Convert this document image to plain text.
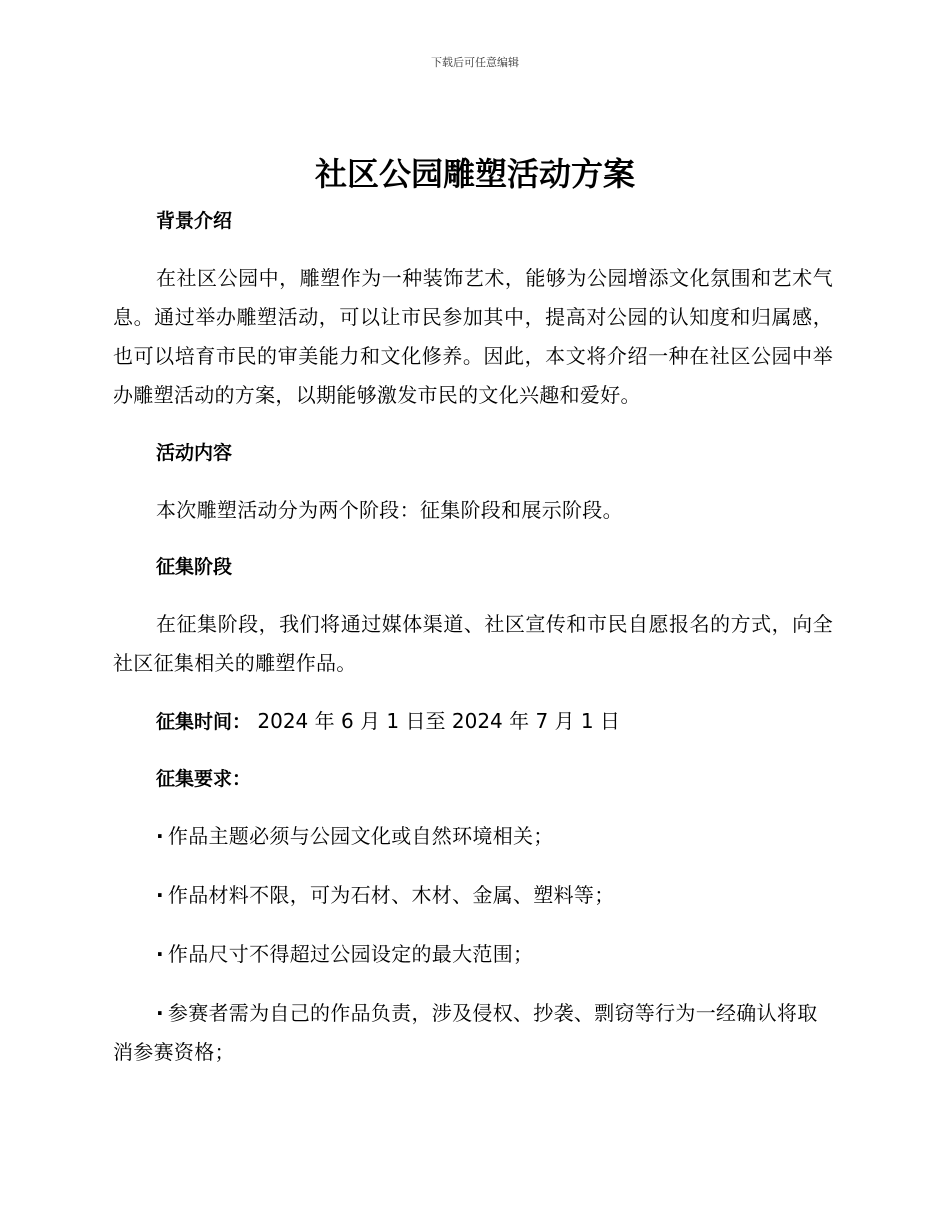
下载后可任意编辑
社区公园雕塑活动方案

背景介绍

在社区公园中，雕塑作为一种装饰艺术，能够为公园增添文化氛围和艺术气息。通过举办雕塑活动，可以让市民参加其中，提高对公园的认知度和归属感，也可以培育市民的审美能力和文化修养。因此，本文将介绍一种在社区公园中举办雕塑活动的方案，以期能够激发市民的文化兴趣和爱好。

活动内容

本次雕塑活动分为两个阶段：征集阶段和展示阶段。

征集阶段

在征集阶段，我们将通过媒体渠道、社区宣传和市民自愿报名的方式，向全社区征集相关的雕塑作品。

征集时间： 2024 年 6 月 1 日至 2024 年 7 月 1 日

征集要求：

· 作品主题必须与公园文化或自然环境相关；

· 作品材料不限，可为石材、木材、金属、塑料等；

· 作品尺寸不得超过公园设定的最大范围；

· 参赛者需为自己的作品负责，涉及侵权、抄袭、剽窃等行为一经确认将取消参赛资格；
